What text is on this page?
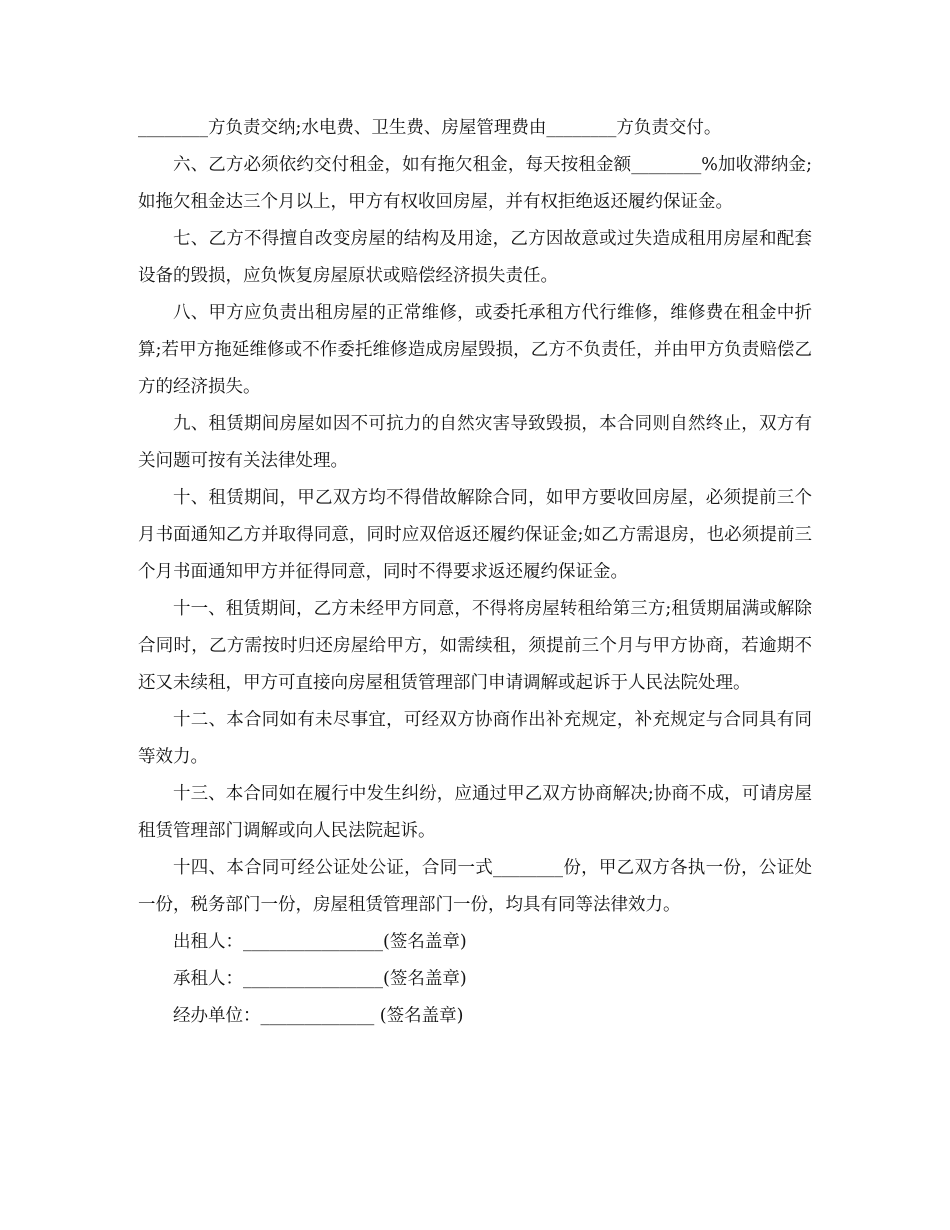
________方负责交纳;水电费、卫生费、房屋管理费由________方负责交付。

六、乙方必须依约交付租金，如有拖欠租金，每天按租金额________%加收滞纳金;如拖欠租金达三个月以上，甲方有权收回房屋，并有权拒绝返还履约保证金。

七、乙方不得擅自改变房屋的结构及用途，乙方因故意或过失造成租用房屋和配套设备的毁损，应负恢复房屋原状或赔偿经济损失责任。

八、甲方应负责出租房屋的正常维修，或委托承租方代行维修，维修费在租金中折算;若甲方拖延维修或不作委托维修造成房屋毁损，乙方不负责任，并由甲方负责赔偿乙方的经济损失。

九、租赁期间房屋如因不可抗力的自然灾害导致毁损，本合同则自然终止，双方有关问题可按有关法律处理。

十、租赁期间，甲乙双方均不得借故解除合同，如甲方要收回房屋，必须提前三个月书面通知乙方并取得同意，同时应双倍返还履约保证金;如乙方需退房，也必须提前三个月书面通知甲方并征得同意，同时不得要求返还履约保证金。

十一、租赁期间，乙方未经甲方同意，不得将房屋转租给第三方;租赁期届满或解除合同时，乙方需按时归还房屋给甲方，如需续租，须提前三个月与甲方协商，若逾期不还又未续租，甲方可直接向房屋租赁管理部门申请调解或起诉于人民法院处理。

十二、本合同如有未尽事宜，可经双方协商作出补充规定，补充规定与合同具有同等效力。

十三、本合同如在履行中发生纠纷，应通过甲乙双方协商解决;协商不成，可请房屋租赁管理部门调解或向人民法院起诉。

十四、本合同可经公证处公证，合同一式________份，甲乙双方各执一份，公证处一份，税务部门一份，房屋租赁管理部门一份，均具有同等法律效力。

出租人：________________(签名盖章)

承租人：________________(签名盖章)

经办单位：_____________ (签名盖章)
